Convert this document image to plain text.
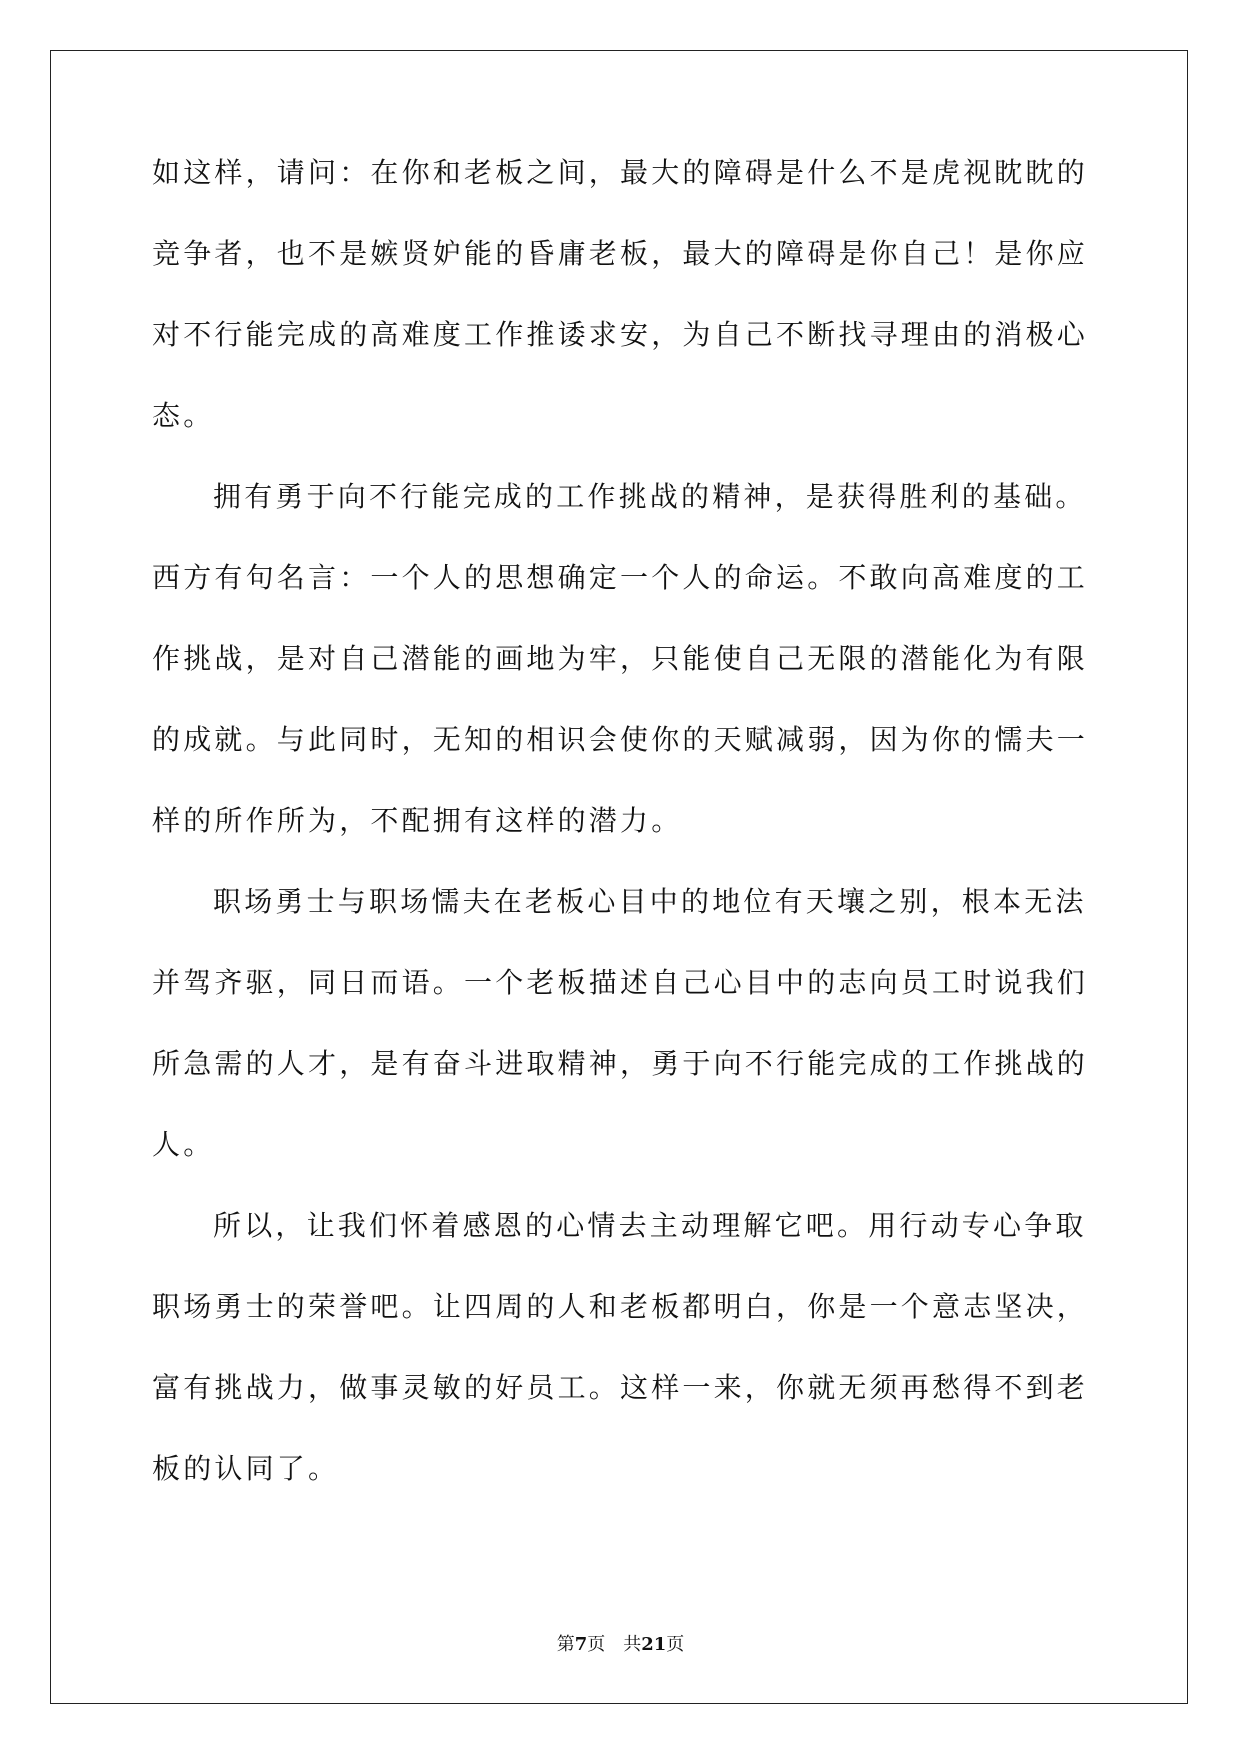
如这样，请问：在你和老板之间，最大的障碍是什么不是虎视眈眈的
竞争者，也不是嫉贤妒能的昏庸老板，最大的障碍是你自己！是你应
对不行能完成的高难度工作推诿求安，为自己不断找寻理由的消极心
态。
拥有勇于向不行能完成的工作挑战的精神，是获得胜利的基础。
西方有句名言：一个人的思想确定一个人的命运。不敢向高难度的工
作挑战，是对自己潜能的画地为牢，只能使自己无限的潜能化为有限
的成就。与此同时，无知的相识会使你的天赋减弱，因为你的懦夫一
样的所作所为，不配拥有这样的潜力。
职场勇士与职场懦夫在老板心目中的地位有天壤之别，根本无法
并驾齐驱，同日而语。一个老板描述自己心目中的志向员工时说我们
所急需的人才，是有奋斗进取精神，勇于向不行能完成的工作挑战的
人。
所以，让我们怀着感恩的心情去主动理解它吧。用行动专心争取
职场勇士的荣誉吧。让四周的人和老板都明白，你是一个意志坚决，
富有挑战力，做事灵敏的好员工。这样一来，你就无须再愁得不到老
板的认同了。
第7页 共21页
